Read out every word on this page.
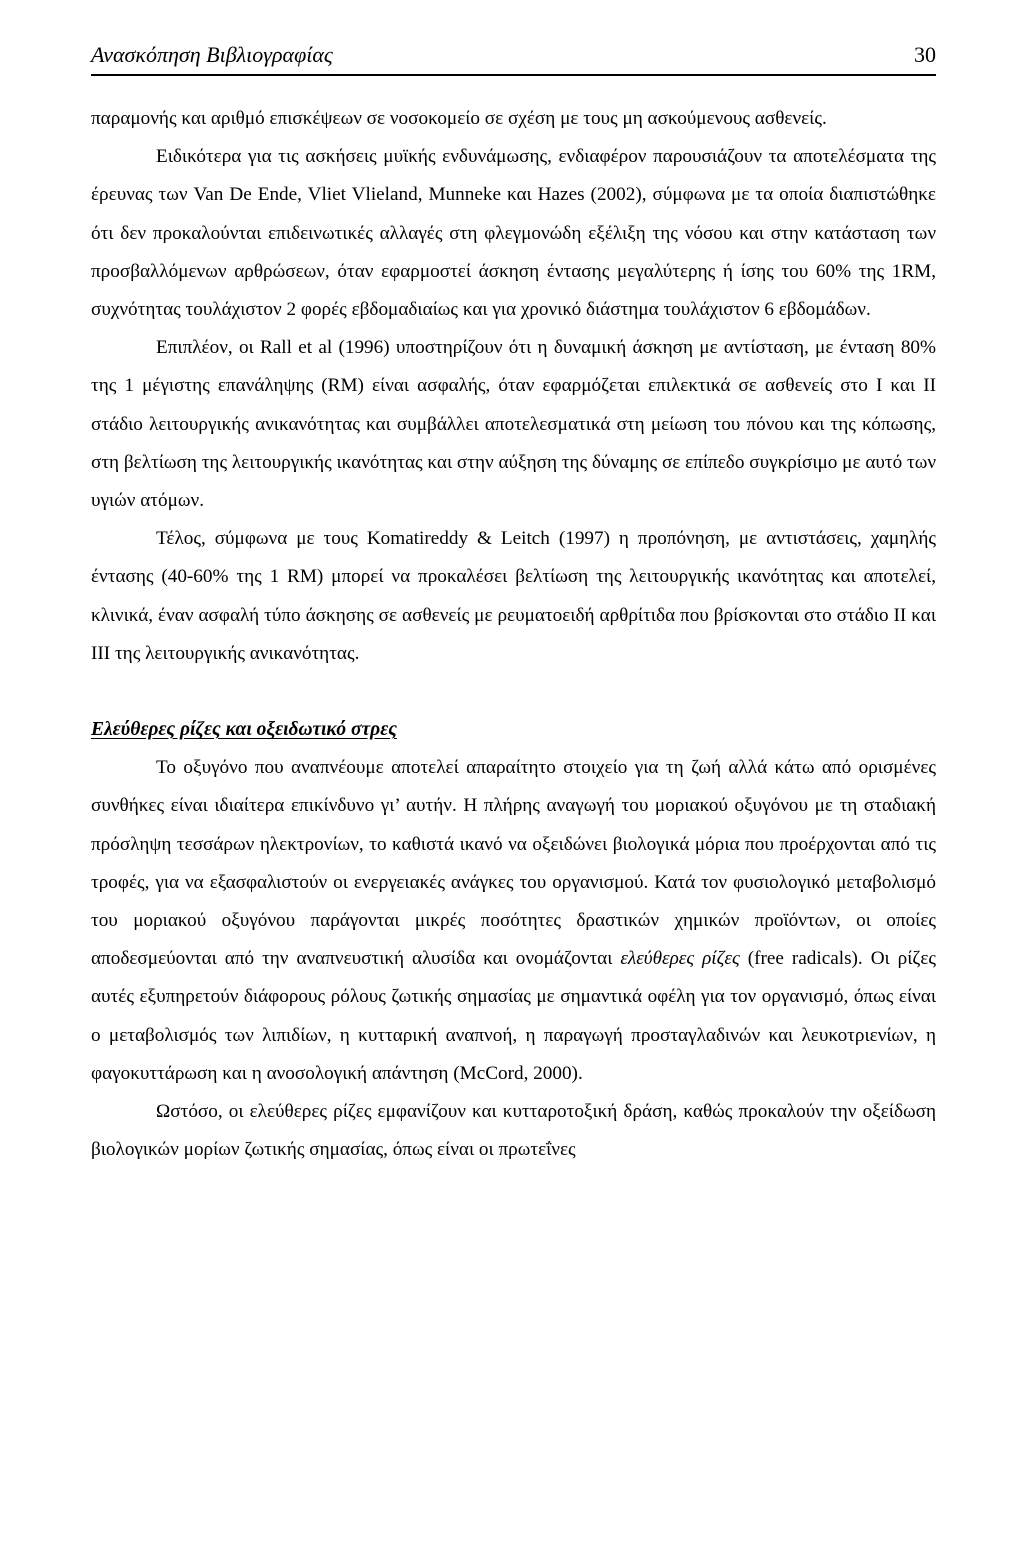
Ανασκόπηση Βιβλιογραφίας	30

παραμονής και αριθμό επισκέψεων σε νοσοκομείο σε σχέση με τους μη ασκούμενους ασθενείς.

Ειδικότερα για τις ασκήσεις μυϊκής ενδυνάμωσης, ενδιαφέρον παρουσιάζουν τα αποτελέσματα της έρευνας των Van De Ende, Vliet Vlieland, Munneke και Hazes (2002), σύμφωνα με τα οποία διαπιστώθηκε ότι δεν προκαλούνται επιδεινωτικές αλλαγές στη φλεγμονώδη εξέλιξη της νόσου και στην κατάσταση των προσβαλλόμενων αρθρώσεων, όταν εφαρμοστεί άσκηση έντασης μεγαλύτερης ή ίσης του 60% της 1RM, συχνότητας τουλάχιστον 2 φορές εβδομαδιαίως και για χρονικό διάστημα τουλάχιστον 6 εβδομάδων.

Επιπλέον, οι Rall et al (1996) υποστηρίζουν ότι η δυναμική άσκηση με αντίσταση, με ένταση 80% της 1 μέγιστης επανάληψης (RM) είναι ασφαλής, όταν εφαρμόζεται επιλεκτικά σε ασθενείς στο I και II στάδιο λειτουργικής ανικανότητας και συμβάλλει αποτελεσματικά στη μείωση του πόνου και της κόπωσης, στη βελτίωση της λειτουργικής ικανότητας και στην αύξηση της δύναμης σε επίπεδο συγκρίσιμο με αυτό των υγιών ατόμων.

Τέλος, σύμφωνα με τους Komatireddy & Leitch (1997) η προπόνηση, με αντιστάσεις, χαμηλής έντασης (40-60% της 1 RM) μπορεί να προκαλέσει βελτίωση της λειτουργικής ικανότητας και αποτελεί, κλινικά, έναν ασφαλή τύπο άσκησης σε ασθενείς με ρευματοειδή αρθρίτιδα που βρίσκονται στο στάδιο II και III της λειτουργικής ανικανότητας.

Ελεύθερες ρίζες και οξειδωτικό στρες

Το οξυγόνο που αναπνέουμε αποτελεί απαραίτητο στοιχείο για τη ζωή αλλά κάτω από ορισμένες συνθήκες είναι ιδιαίτερα επικίνδυνο γι’ αυτήν. Η πλήρης αναγωγή του μοριακού οξυγόνου με τη σταδιακή πρόσληψη τεσσάρων ηλεκτρονίων, το καθιστά ικανό να οξειδώνει βιολογικά μόρια που προέρχονται από τις τροφές, για να εξασφαλιστούν οι ενεργειακές ανάγκες του οργανισμού. Κατά τον φυσιολογικό μεταβολισμό του μοριακού οξυγόνου παράγονται μικρές ποσότητες δραστικών χημικών προϊόντων, οι οποίες αποδεσμεύονται από την αναπνευστική αλυσίδα και ονομάζονται ελεύθερες ρίζες (free radicals). Οι ρίζες αυτές εξυπηρετούν διάφορους ρόλους ζωτικής σημασίας με σημαντικά οφέλη για τον οργανισμό, όπως είναι ο μεταβολισμός των λιπιδίων, η κυτταρική αναπνοή, η παραγωγή προσταγλαδινών και λευκοτριενίων, η φαγοκυττάρωση και η ανοσολογική απάντηση (McCord, 2000).

Ωστόσο, οι ελεύθερες ρίζες εμφανίζουν και κυτταροτοξική δράση, καθώς προκαλούν την οξείδωση βιολογικών μορίων ζωτικής σημασίας, όπως είναι οι πρωτεΐνες
